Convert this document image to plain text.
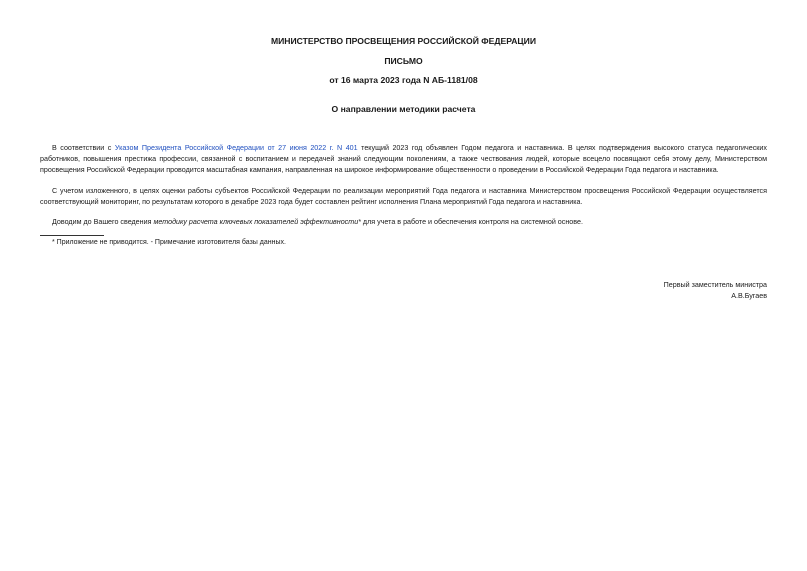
МИНИСТЕРСТВО ПРОСВЕЩЕНИЯ РОССИЙСКОЙ ФЕДЕРАЦИИ
ПИСЬМО
от 16 марта 2023 года N АБ-1181/08
О направлении методики расчета

В соответствии с Указом Президента Российской Федерации от 27 июня 2022 г. N 401 текущий 2023 год объявлен Годом педагога и наставника. В целях подтверждения высокого статуса педагогических работников, повышения престижа профессии, связанной с воспитанием и передачей знаний следующим поколениям, а также чествования людей, которые всецело посвящают себя этому делу, Министерством просвещения Российской Федерации проводится масштабная кампания, направленная на широкое информирование общественности о проведении в Российской Федерации Года педагога и наставника.

С учетом изложенного, в целях оценки работы субъектов Российской Федерации по реализации мероприятий Года педагога и наставника Министерством просвещения Российской Федерации осуществляется соответствующий мониторинг, по результатам которого в декабре 2023 года будет составлен рейтинг исполнения Плана мероприятий Года педагога и наставника.

Доводим до Вашего сведения методику расчета ключевых показателей эффективности* для учета в работе и обеспечения контроля на системной основе.

* Приложение не приводится. - Примечание изготовителя базы данных.

Первый заместитель министра
А.В.Бугаев
